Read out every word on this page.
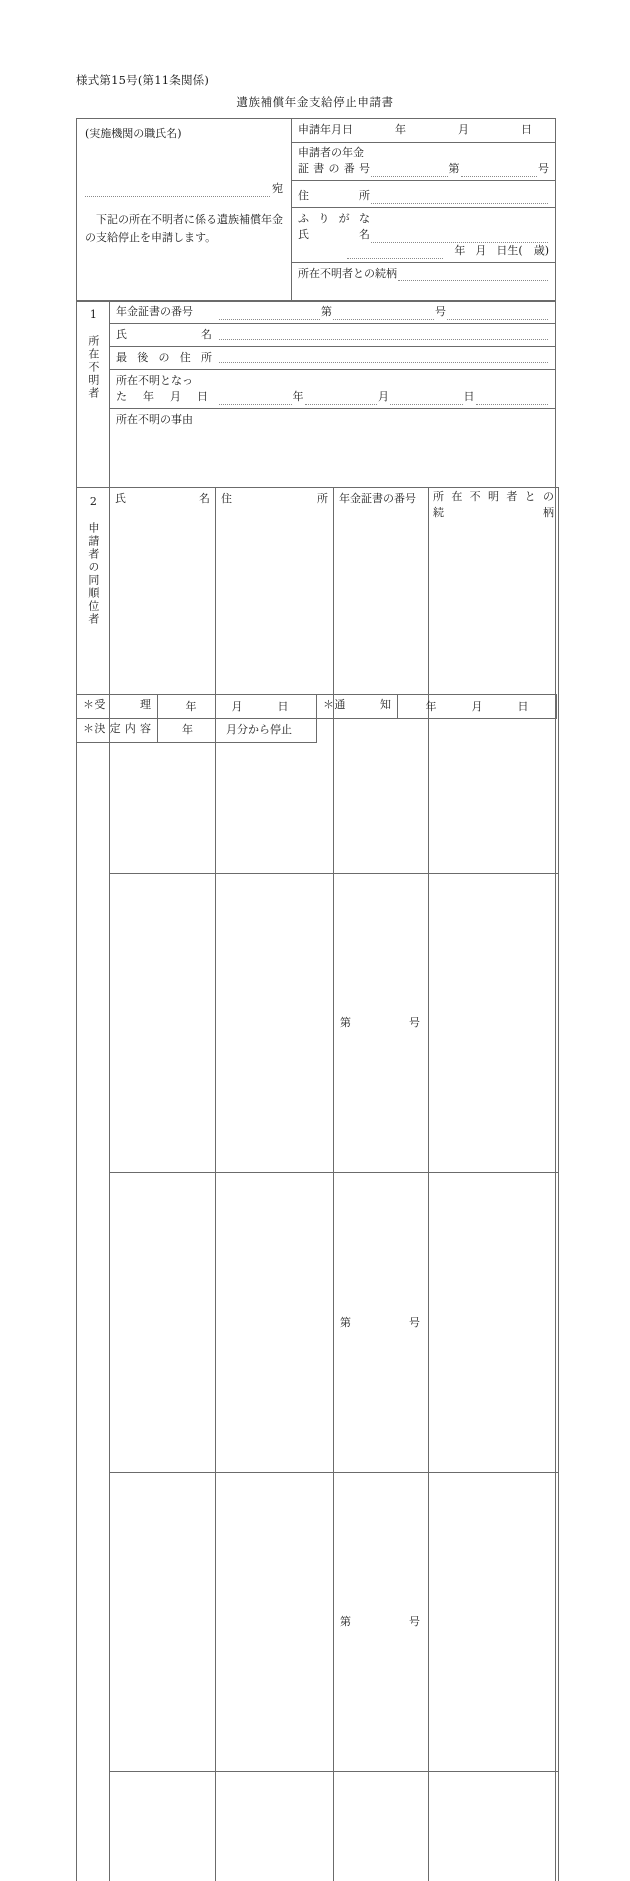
様式第15号(第11条関係)
遺族補償年金支給停止申請書
(実施機関の職氏名)
宛
下記の所在不明者に係る遺族補償年金の支給停止を申請します。

申請年月日	年	月	日
申請者の年金
証書の番号	第	号
住　　　　所
ふ り が な
氏　　　　名
年 月 日生(　歳)
所在不明者との続柄
1
所在不明者

年金証書の番号	第	号
氏　　　　名
最 後 の 住 所
所在不明となっ
た　年　月　日	年	月	日
所在不明の事由
2
申請者の同順位者	氏　　　　名	住　　　　所	年金証書の番号	所在不明者との
続　　　　柄

			第 号	

			第 号	

			第 号	

＊受　　　理	年 月 日	＊通　　　知	年 月 日

＊決 定 内 容	年 月分から停止		
